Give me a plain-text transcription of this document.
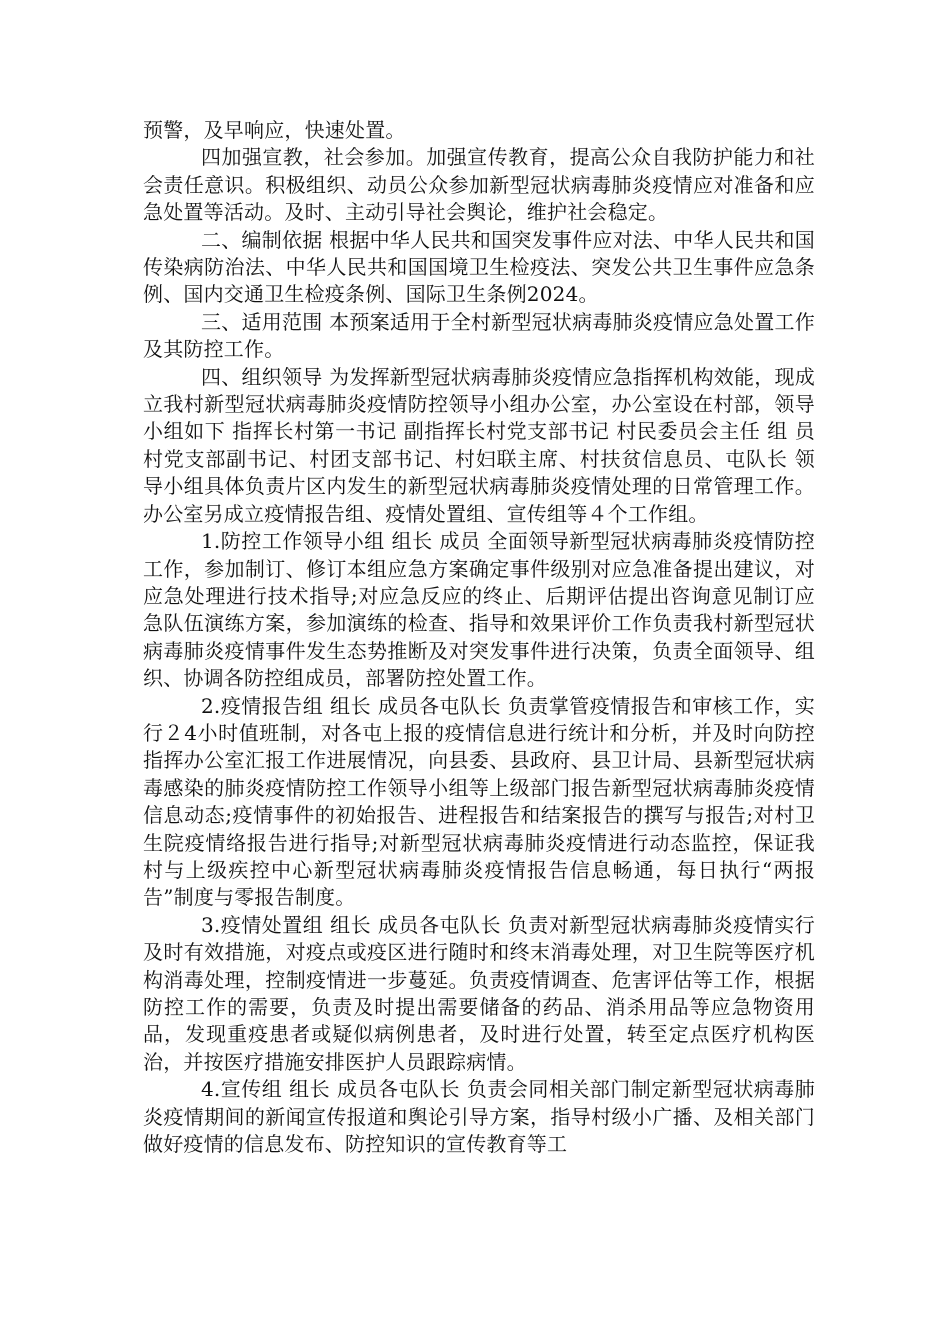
预警，及早响应，快速处置。

四加强宣教，社会参加。加强宣传教育，提高公众自我防护能力和社会责任意识。积极组织、动员公众参加新型冠状病毒肺炎疫情应对准备和应急处置等活动。及时、主动引导社会舆论，维护社会稳定。

二、编制依据 根据中华人民共和国突发事件应对法、中华人民共和国传染病防治法、中华人民共和国国境卫生检疫法、突发公共卫生事件应急条例、国内交通卫生检疫条例、国际卫生条例2024。

三、适用范围 本预案适用于全村新型冠状病毒肺炎疫情应急处置工作及其防控工作。

四、组织领导 为发挥新型冠状病毒肺炎疫情应急指挥机构效能，现成立我村新型冠状病毒肺炎疫情防控领导小组办公室，办公室设在村部，领导小组如下 指挥长村第一书记 副指挥长村党支部书记 村民委员会主任 组 员村党支部副书记、村团支部书记、村妇联主席、村扶贫信息员、屯队长 领导小组具体负责片区内发生的新型冠状病毒肺炎疫情处理的日常管理工作。办公室另成立疫情报告组、疫情处置组、宣传组等４个工作组。

1.防控工作领导小组 组长 成员 全面领导新型冠状病毒肺炎疫情防控工作，参加制订、修订本组应急方案确定事件级别对应急准备提出建议，对应急处理进行技术指导;对应急反应的终止、后期评估提出咨询意见制订应急队伍演练方案，参加演练的检查、指导和效果评价工作负责我村新型冠状病毒肺炎疫情事件发生态势推断及对突发事件进行决策，负责全面领导、组织、协调各防控组成员，部署防控处置工作。

2.疫情报告组 组长 成员各屯队长 负责掌管疫情报告和审核工作，实行２4小时值班制，对各屯上报的疫情信息进行统计和分析，并及时向防控指挥办公室汇报工作进展情况，向县委、县政府、县卫计局、县新型冠状病毒感染的肺炎疫情防控工作领导小组等上级部门报告新型冠状病毒肺炎疫情信息动态;疫情事件的初始报告、进程报告和结案报告的撰写与报告;对村卫生院疫情络报告进行指导;对新型冠状病毒肺炎疫情进行动态监控，保证我村与上级疾控中心新型冠状病毒肺炎疫情报告信息畅通，每日执行“两报告”制度与零报告制度。

3.疫情处置组 组长 成员各屯队长 负责对新型冠状病毒肺炎疫情实行及时有效措施，对疫点或疫区进行随时和终末消毒处理，对卫生院等医疗机构消毒处理，控制疫情进一步蔓延。负责疫情调查、危害评估等工作，根据防控工作的需要，负责及时提出需要储备的药品、消杀用品等应急物资用品，发现重疫患者或疑似病例患者，及时进行处置，转至定点医疗机构医治，并按医疗措施安排医护人员跟踪病情。

4.宣传组 组长 成员各屯队长 负责会同相关部门制定新型冠状病毒肺炎疫情期间的新闻宣传报道和舆论引导方案，指导村级小广播、及相关部门做好疫情的信息发布、防控知识的宣传教育等工
